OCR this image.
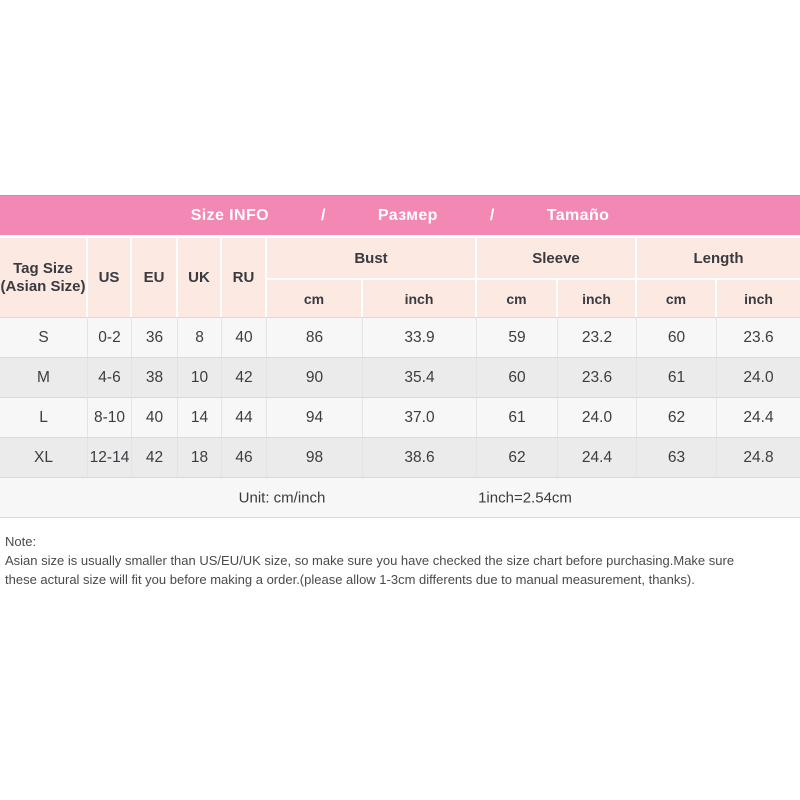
Size INFO	/	Размер	/	Tamaño
Tag Size
(Asian Size)	US	EU	UK	RU	Bust		Sleeve		Length	
					cm	inch	cm	inch	cm	inch
S	0-2	36	8	40	86	33.9	59	23.2	60	23.6
M	4-6	38	10	42	90	35.4	60	23.6	61	24.0
L	8-10	40	14	44	94	37.0	61	24.0	62	24.4
XL	12-14	42	18	46	98	38.6	62	24.4	63	24.8

Unit: cm/inch 1inch=2.54cm										
Note:
Asian size is usually smaller than US/EU/UK size, so make sure you have checked the size chart before purchasing.Make sure
these actural size will fit you before making a order.(please allow 1-3cm differents due to manual measurement, thanks).
